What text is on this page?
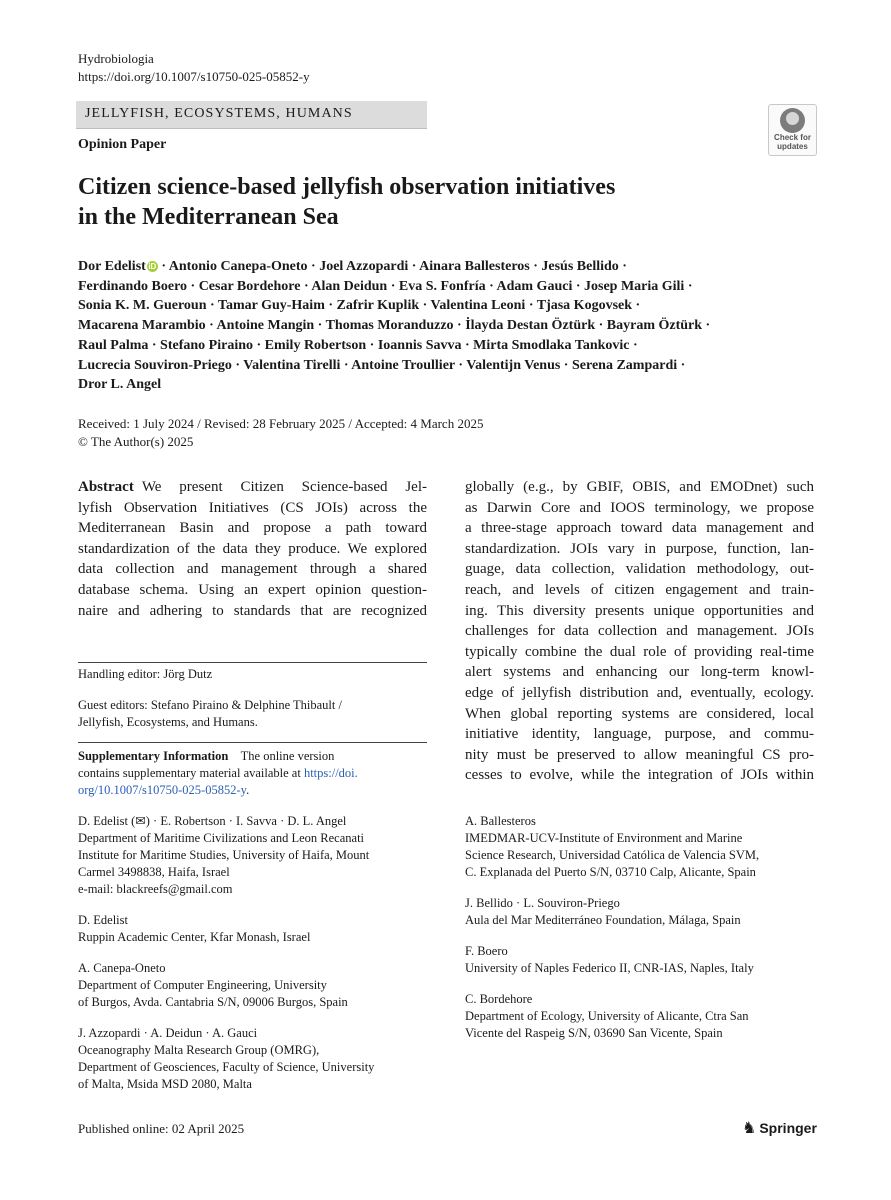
Hydrobiologia
https://doi.org/10.1007/s10750-025-05852-y
JELLYFISH, ECOSYSTEMS, HUMANS
Check for
updates
Opinion Paper
Citizen science-based jellyfish observation initiatives
in the Mediterranean Sea
Dor Edelist iD · Antonio Canepa-Oneto · Joel Azzopardi · Ainara Ballesteros · Jesús Bellido ·
Ferdinando Boero · Cesar Bordehore · Alan Deidun · Eva S. Fonfría · Adam Gauci · Josep Maria Gili ·
Sonia K. M. Gueroun · Tamar Guy-Haim · Zafrir Kuplik · Valentina Leoni · Tjasa Kogovsek ·
Macarena Marambio · Antoine Mangin · Thomas Moranduzzo · İlayda Destan Öztürk · Bayram Öztürk ·
Raul Palma · Stefano Piraino · Emily Robertson · Ioannis Savva · Mirta Smodlaka Tankovic ·
Lucrecia Souviron-Priego · Valentina Tirelli · Antoine Troullier · Valentijn Venus · Serena Zampardi ·
Dror L. Angel
Received: 1 July 2024 / Revised: 28 February 2025 / Accepted: 4 March 2025
© The Author(s) 2025
Abstract We present Citizen Science-based Jel-
lyfish Observation Initiatives (CS JOIs) across the
Mediterranean Basin and propose a path toward
standardization of the data they produce. We explored
data collection and management through a shared
database schema. Using an expert opinion question-
naire and adhering to standards that are recognized
globally (e.g., by GBIF, OBIS, and EMODnet) such
as Darwin Core and IOOS terminology, we propose
a three-stage approach toward data management and
standardization. JOIs vary in purpose, function, lan-
guage, data collection, validation methodology, out-
reach, and levels of citizen engagement and train-
ing. This diversity presents unique opportunities and
challenges for data collection and management. JOIs
typically combine the dual role of providing real-time
alert systems and enhancing our long-term knowl-
edge of jellyfish distribution and, eventually, ecology.
When global reporting systems are considered, local
initiative identity, language, purpose, and commu-
nity must be preserved to allow meaningful CS pro-
cesses to evolve, while the integration of JOIs within
Handling editor: Jörg Dutz
Guest editors: Stefano Piraino & Delphine Thibault /
Jellyfish, Ecosystems, and Humans.
Supplementary Information The online version
contains supplementary material available at https://doi.
org/10.1007/s10750-025-05852-y.
D. Edelist (✉) · E. Robertson · I. Savva · D. L. Angel
Department of Maritime Civilizations and Leon Recanati
Institute for Maritime Studies, University of Haifa, Mount
Carmel 3498838, Haifa, Israel
e-mail: blackreefs@gmail.com
D. Edelist
Ruppin Academic Center, Kfar Monash, Israel
A. Canepa-Oneto
Department of Computer Engineering, University
of Burgos, Avda. Cantabria S/N, 09006 Burgos, Spain
J. Azzopardi · A. Deidun · A. Gauci
Oceanography Malta Research Group (OMRG),
Department of Geosciences, Faculty of Science, University
of Malta, Msida MSD 2080, Malta
A. Ballesteros
IMEDMAR-UCV-Institute of Environment and Marine
Science Research, Universidad Católica de Valencia SVM,
C. Explanada del Puerto S/N, 03710 Calp, Alicante, Spain
J. Bellido · L. Souviron-Priego
Aula del Mar Mediterráneo Foundation, Málaga, Spain
F. Boero
University of Naples Federico II, CNR-IAS, Naples, Italy
C. Bordehore
Department of Ecology, University of Alicante, Ctra San
Vicente del Raspeig S/N, 03690 San Vicente, Spain
Published online: 02 April 2025	♞ Springer
